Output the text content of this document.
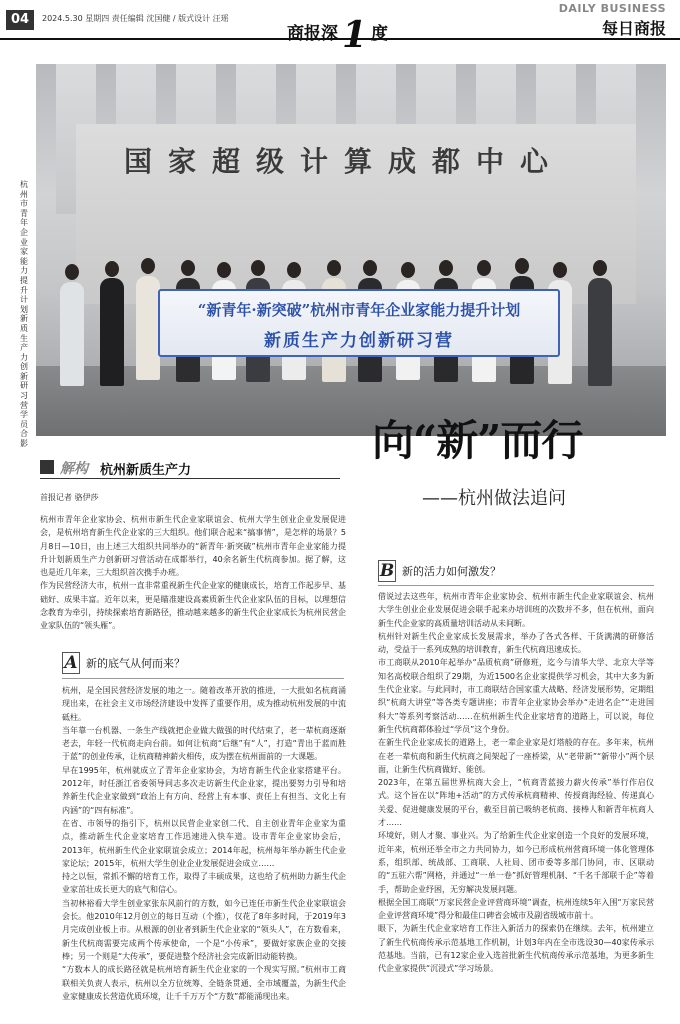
04	2024.5.30 星期四 责任编辑 沈国健 / 版式设计 汪瑶
商报深 1 度
DAILY BUSINESS
每日商报
杭州市青年企业家能力提升计划新质生产力创新研习营学员合影
国家超级计算成都中心
“新青年·新突破”杭州市青年企业家能力提升计划
新质生产力创新研习营
向“新”而行
——杭州做法追问
解构 杭州新质生产力
首报记者 骆伊莎
杭州市青年企业家协会、杭州市新生代企业家联谊会、杭州大学生创业企业发展促进会，是杭州培育新生代企业家的三大组织。他们联合起来“搞事情”，是怎样的场景？5月8日—10日，由上述三大组织共同举办的“新青年·新突破”杭州市青年企业家能力提升计划新质生产力创新研习营活动在成都举行，40余名新生代杭商参加。据了解，这也是近几年来，三大组织首次携手办班。
作为民营经济大市，杭州一直非常重视新生代企业家的健康成长，培育工作起步早、基础好、成果丰富。近年以来，更是瞄准建设高素质新生代企业家队伍的目标，以理想信念教育为牵引，持续探索培育新路径，推动越来越多的新生代企业家成长为杭州民营企业家队伍的“领头雁”。
A 新的底气从何而来？
杭州，是全国民营经济发展的地之一。随着改革开放的推进，一大批如名杭商涌现出来，在社会主义市场经济建设中发挥了重要作用，成为推动杭州发展的中流砥柱。
当年靠一台机器、一条生产线就把企业做大做强的时代结束了，老一辈杭商逐渐老去，年轻一代杭商走向台前。如何让杭商“后继”有“人”，打造“青出于蓝而胜于蓝”的创业传承，让杭商精神薪火相传，成为摆在杭州面前的一大课题。
早在1995年，杭州就成立了青年企业家协会，为培育新生代企业家搭建平台。2012年，时任浙江省委领导同志多次走访新生代企业家，提出要努力引导和培养新生代企业家做到“政治上有方向、经营上有本事、责任上有担当、文化上有内涵”的“四有标准”。
在省、市领导的指引下，杭州以民营企业家创二代、自主创业青年企业家为重点，推动新生代企业家培育工作迅速进入快车道。设市青年企业家协会后，2013年，杭州新生代企业家联谊会成立；2014年起，杭州每年举办新生代企业家论坛；2015年，杭州大学生创业企业发展促进会成立……
持之以恒，常抓不懈的培育工作，取得了丰硕成果，这也给了杭州助力新生代企业家茁壮成长更大的底气和信心。
当初林裕看大学生创业家张东风前行的方数，如今已连任市新生代企业家联谊会会长。他2010年12月创立的每日互动（个推），仅花了8年多时间，于2019年3月完成创业板上市。从根源的创业者到新生代企业家的“领头人”，在方数看来，新生代杭商需要完成两个传承使命，一个是“小传承”，要做好家族企业的交接棒；另一个则是“大传承”，要促进整个经济社会完成新旧动能转换。
“方数本人的成长路径就是杭州培育新生代企业家的一个现实写照。”杭州市工商联相关负责人表示，杭州以全方位统筹、全链条贯通、全市域覆盖，为新生代企业家健康成长营造优质环境，让千千万万个“方数”都能涌现出来。
B 新的活力如何激发？
借说过去这些年，杭州市青年企业家协会、杭州市新生代企业家联谊会、杭州大学生创业企业发展促进会联手起来办培训班的次数并不多，但在杭州，面向新生代企业家的高质量培训活动从未间断。
杭州针对新生代企业家成长发展需求，举办了各式各样、干货满满的研修活动，受益于一系列成熟的培训教育，新生代杭商迅速成长。
市工商联从2010年起举办“品质杭商”研修班，迄今与清华大学、北京大学等知名高校联合组织了29期，为近1500名企业家提供学习机会，其中大多为新生代企业家。与此同时，市工商联结合国家重大战略、经济发展形势，定期组织“杭商大讲堂”等各类专题讲座；市青年企业家协会举办“走进名企”“走进国科大”等系列考察活动……在杭州新生代企业家培育的道路上，可以说，每位新生代杭商都体验过“学员”这个身份。
在新生代企业家成长的道路上，老一辈企业家是灯塔般的存在。多年来，杭州在老一辈杭商和新生代杭商之间架起了一座桥梁，从“老带新”“新带小”两个层面，让新生代杭商做好、能创。
2023年，在第五届世界杭商大会上，“杭商青蓝接力薪火传承”举行作启仪式。这个旨在以“阵地+活动”的方式传承杭商精神、传授商海经验、传递真心关爱、促进健康发展的平台，截至目前已吸纳老杭商、接棒人和新青年杭商人才……
环境好，则人才聚、事业兴。为了给新生代企业家创造一个良好的发展环境，近年来，杭州还举全市之力共同协力，如今已形成杭州营商环境一体化管理体系，组织部、统战部、工商联、人社局、团市委等多部门协同，市、区联动的“五驻六帮”网格，并通过“一单一卷”抓好管理机制、“千名千部联千企”等着手，帮助企业纾困，无穷解决发展问题。
根据全国工商联“万家民营企业评营商环境”调查，杭州连续5年入围“万家民营企业评营商环境”得分和最佳口碑省会城市及副省级城市前十。
眼下，为新生代企业家培育工作注入新活力的探索仍在继续。去年，杭州建立了新生代杭商传承示范基地工作机制，计划3年内在全市选设30—40家传承示范基地。当前，已有12家企业入选首批新生代杭商传承示范基地，为更多新生代企业家提供“沉浸式”学习场景。
